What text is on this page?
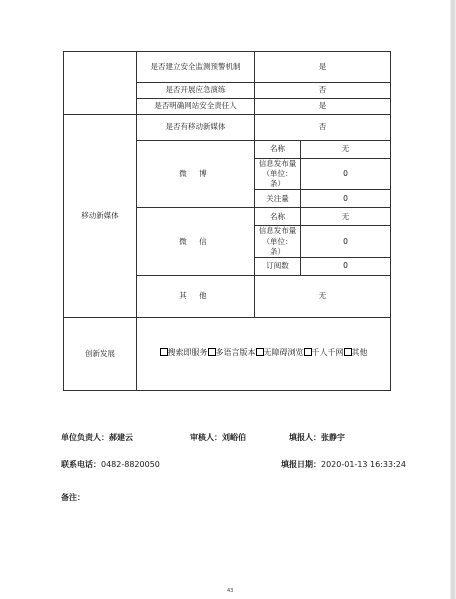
	是否建立安全监测预警机制	是	
	是否开展应急演练	否	
	是否明确网站安全责任人	是	
移动新媒体	是否有移动新媒体	否	
	微 博	名称	无
		信息发布量（单位：条）	0
		关注量	0
	微 信	名称	无
		信息发布量（单位：条）	0
		订阅数	0
	其 他	无	
创新发展	搜索即服务 多语言版本 无障碍浏览 千人千网 其他		
单位负责人：郝建云	审核人：刘峪伯	填报人：张静宇
联系电话：0482-8820050	填报日期：2020-01-13 16:33:24
备注：
43
